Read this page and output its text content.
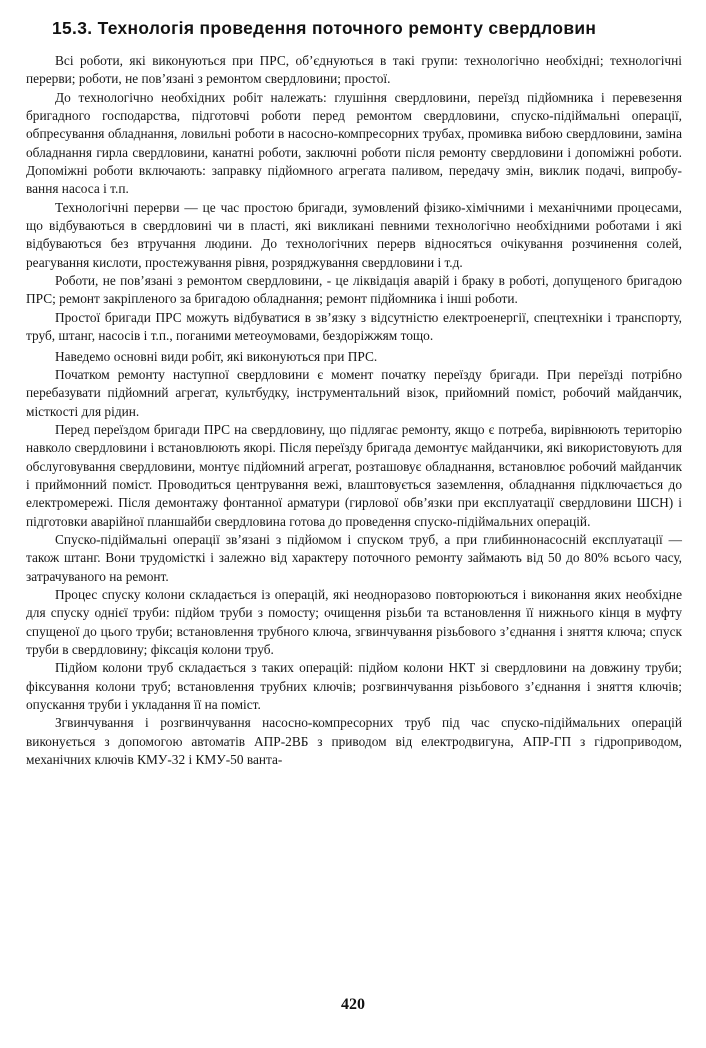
15.3. Технологія проведення поточного ремонту свердловин

Всі роботи, які виконуються при ПРС, об’єднуються в такі групи: технологічно необхідні; технологічні перерви; роботи, не пов’язані з ремонтом свердловини; простої.

До технологічно необхідних робіт належать: глушіння свердловини, переїзд підйомника і перевезення бригадного господарства, підготовчі роботи перед ремонтом свердловини, спуско-підіймальні операції, обпресування обладнання, ловильні роботи в насосно-компресорних трубах, промивка вибою свердловини, заміна обладнання гирла свердловини, канатні роботи, заключні роботи після ремонту свердловини і допоміжні роботи. Допоміжні роботи включають: заправку підйомного агрегата паливом, передачу змін, виклик подачі, випробування насоса і т.п.

Технологічні перерви — це час простою бригади, зумовлений фізико-хімічними і механічними процесами, що відбуваються в свердловині чи в пласті, які викликані певними технологічно необхідними роботами і які відбуваються без втручання людини. До технологічних перерв відносяться очікування розчинення солей, реагування кислоти, простежування рівня, розряджування свердловини і т.д.

Роботи, не пов’язані з ремонтом свердловини, - це ліквідація аварій і браку в роботі, допущеного бригадою ПРС; ремонт закріпленого за бригадою обладнання; ремонт підйомника і інші роботи.

Простої бригади ПРС можуть відбуватися в зв’язку з відсутністю електроенергії, спецтехніки і транспорту, труб, штанг, насосів і т.п., поганими метеоумовами, бездоріжжям тощо.

Наведемо основні види робіт, які виконуються при ПРС.

Початком ремонту наступної свердловини є момент початку переїзду бригади. При переїзді потрібно перебазувати підйомний агрегат, культбудку, інструментальний візок, прийомний поміст, робочий майданчик, місткості для рідин.

Перед переїздом бригади ПРС на свердловину, що підлягає ремонту, якщо є потреба, вирівнюють територію навколо свердловини і встановлюють якорі. Після переїзду бригада демонтує майданчики, які використовують для обслуговування свердловини, монтує підйомний агрегат, розташовує обладнання, встановлює робочий майданчик і приймонний поміст. Проводиться центрування вежі, влаштовується заземлення, обладнання підключається до електромережі. Після демонтажу фонтанної арматури (гирлової обв’язки при експлуатації свердловини ШСН) і підготовки аварійної планшайби свердловина готова до проведення спуско-підіймальних операцій.

Спуско-підіймальні операції зв’язані з підйомом і спуском труб, а при глибиннонасосній експлуатації — також штанг. Вони трудомісткі і залежно від характеру поточного ремонту займають від 50 до 80% всього часу, затрачуваного на ремонт.

Процес спуску колони складається із операцій, які неодноразово повторюються і виконання яких необхідне для спуску однієї труби: підйом труби з помосту; очищення різьби та встановлення її нижнього кінця в муфту спущеної до цього труби; встановлення трубного ключа, згвинчування різьбового з’єднання і зняття ключа; спуск труби в свердловину; фіксація колони труб.

Підйом колони труб складається з таких операцій: підйом колони НКТ зі свердловини на довжину труби; фіксування колони труб; встановлення трубних ключів; розгвинчування різьбового з’єднання і зняття ключів; опускання труби і укладання її на поміст.

Згвинчування і розгвинчування насосно-компресорних труб під час спуско-підіймальних операцій виконується з допомогою автоматів АПР-2ВБ з приводом від електродвигуна, АПР-ГП з гідроприводом, механічних ключів КМУ-32 і КМУ-50 ванта-

420
